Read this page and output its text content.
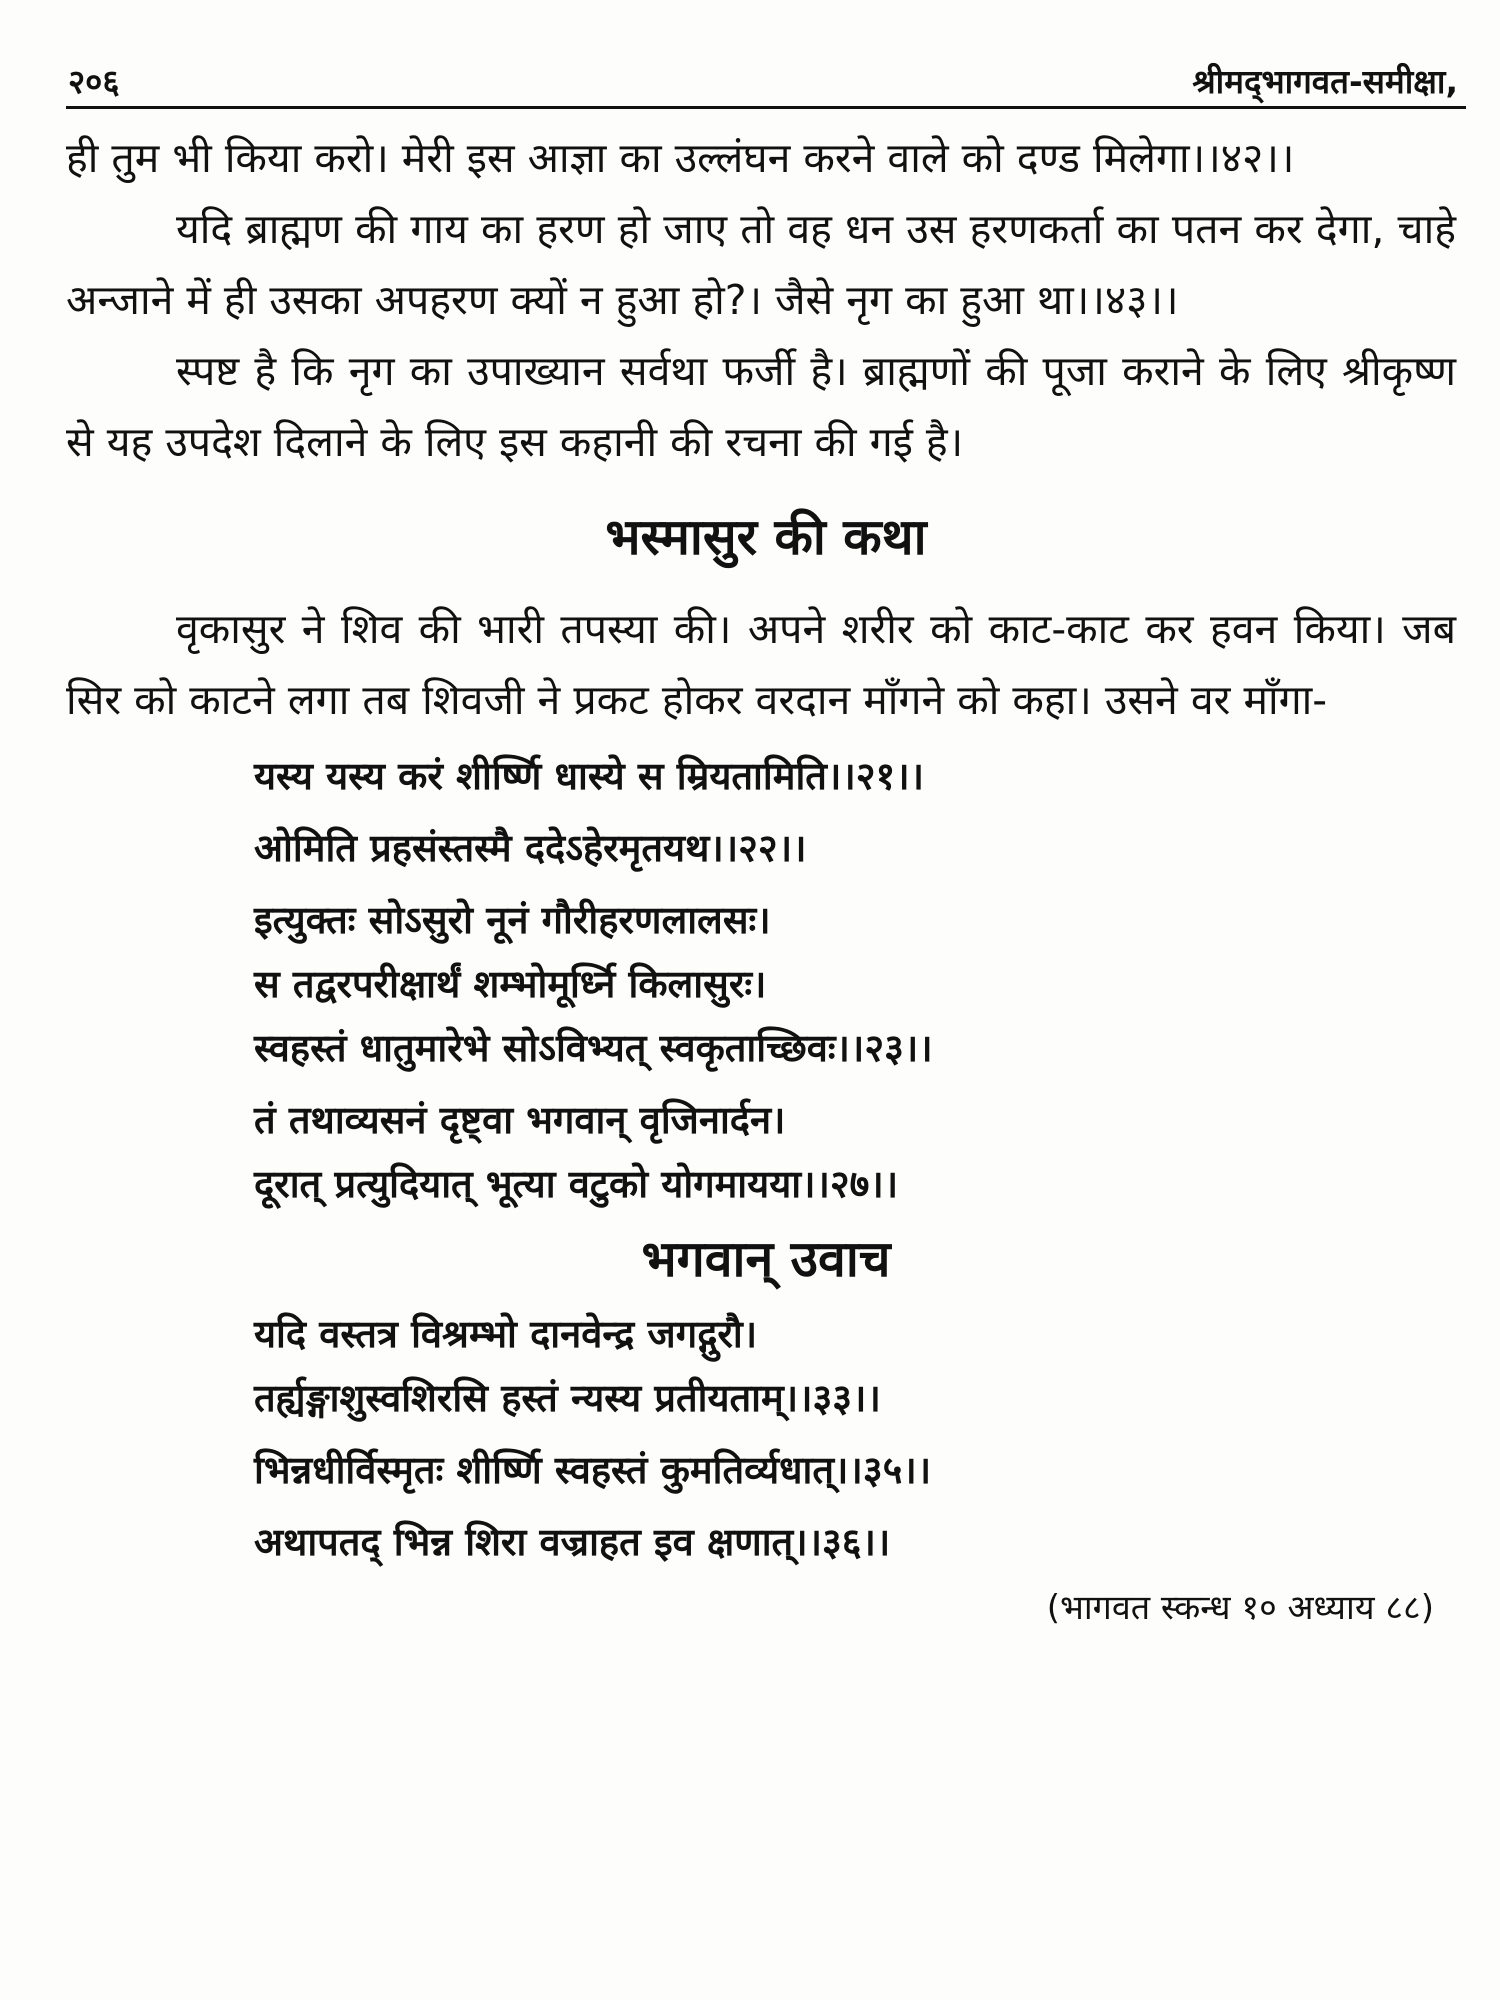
२०६	श्रीमद्‌भागवत-समीक्षा,

ही तुम भी किया करो। मेरी इस आज्ञा का उल्लंघन करने वाले को दण्ड मिलेगा।।४२।।

यदि ब्राह्मण की गाय का हरण हो जाए तो वह धन उस हरणकर्ता का पतन कर देगा, चाहे अन्जाने में ही उसका अपहरण क्यों न हुआ हो?। जैसे नृग का हुआ था।।४३।।

स्पष्ट है कि नृग का उपाख्यान सर्वथा फर्जी है। ब्राह्मणों की पूजा कराने के लिए श्रीकृष्ण से यह उपदेश दिलाने के लिए इस कहानी की रचना की गई है।

भस्मासुर की कथा

वृकासुर ने शिव की भारी तपस्या की। अपने शरीर को काट-काट कर हवन किया। जब सिर को काटने लगा तब शिवजी ने प्रकट होकर वरदान माँगने को कहा। उसने वर माँगा-

यस्य यस्य करं शीर्ष्णि धास्ये स म्रियतामिति।।२१।।
ओमिति प्रहसंस्तस्मै ददेऽहेरमृतयथ।।२२।।
इत्युक्तः सोऽसुरो नूनं गौरीहरणलालसः।
स तद्वरपरीक्षार्थं शम्भोमूर्ध्नि किलासुरः।
स्वहस्तं धातुमारेभे सोऽविभ्यत् स्वकृताच्छिवः।।२३।।
तं तथाव्यसनं दृष्ट्वा भगवान् वृजिनार्दन।
दूरात् प्रत्युदियात् भूत्या वटुको योगमायया।।२७।।
भगवान् उवाच
यदि वस्तत्र विश्रम्भो दानवेन्द्र जगद्गुरौ।
तर्ह्यङ्गाशुस्वशिरसि हस्तं न्यस्य प्रतीयताम्।।३३।।
भिन्नधीर्विस्मृतः शीर्ष्णि स्वहस्तं कुमतिर्व्यधात्।।३५।।
अथापतद् भिन्न शिरा वज्राहत इव क्षणात्।।३६।।
(भागवत स्कन्ध १० अध्याय ८८)
